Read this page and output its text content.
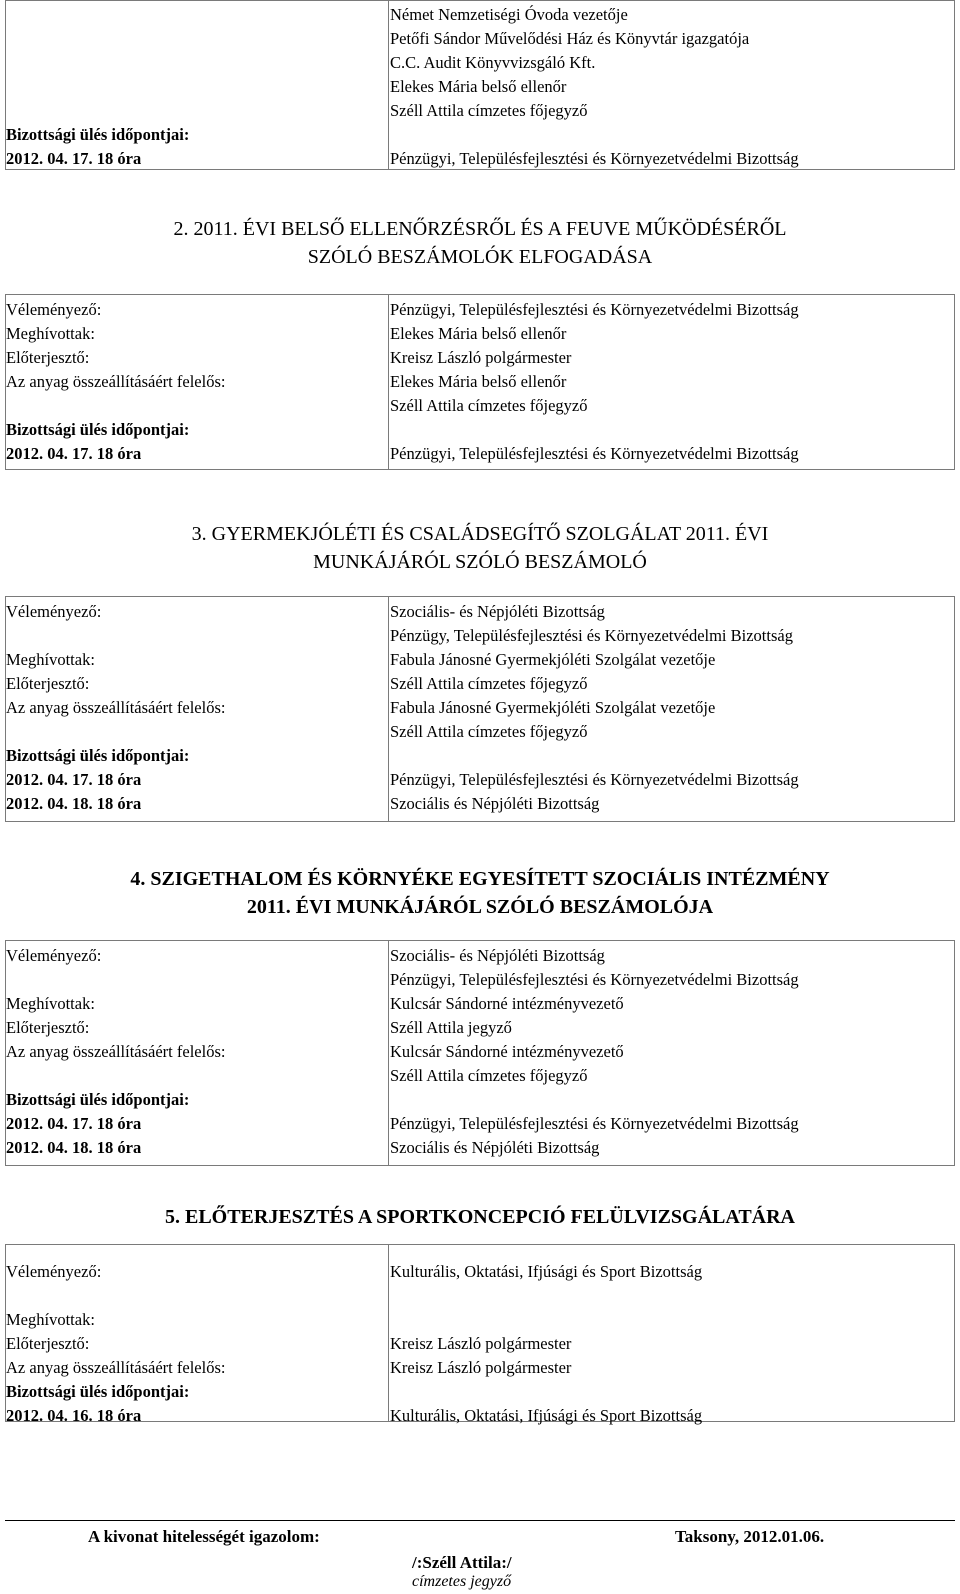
Német Nemzetiségi Óvoda vezetője
Petőfi Sándor Művelődési Ház és Könyvtár igazgatója
C.C. Audit Könyvvizsgáló Kft.
Elekes Mária belső ellenőr
Széll Attila címzetes főjegyző
Bizottsági ülés időpontjai:
2012. 04. 17. 18 óra	Pénzügyi, Településfejlesztési és Környezetvédelmi Bizottság
2. 2011. ÉVI BELSŐ ELLENŐRZÉSRŐL ÉS A FEUVE MŰKÖDÉSÉRŐL
SZÓLÓ BESZÁMOLÓK ELFOGADÁSA
Véleményező:
Meghívottak:
Előterjesztő:
Az anyag összeállításáért felelős:
Bizottsági ülés időpontjai:
2012. 04. 17. 18 óra
Pénzügyi, Településfejlesztési és Környezetvédelmi Bizottság
Elekes Mária belső ellenőr
Kreisz László polgármester
Elekes Mária belső ellenőr
Széll Attila címzetes főjegyző
Pénzügyi, Településfejlesztési és Környezetvédelmi Bizottság
3. GYERMEKJÓLÉTI ÉS CSALÁDSEGÍTŐ SZOLGÁLAT 2011. ÉVI
MUNKÁJÁRÓL SZÓLÓ BESZÁMOLÓ
Véleményező:
Meghívottak:
Előterjesztő:
Az anyag összeállításáért felelős:
Bizottsági ülés időpontjai:
2012. 04. 17. 18 óra
2012. 04. 18. 18 óra
Szociális- és Népjóléti Bizottság
Pénzügy, Településfejlesztési és Környezetvédelmi Bizottság
Fabula Jánosné Gyermekjóléti Szolgálat vezetője
Széll Attila címzetes főjegyző
Fabula Jánosné Gyermekjóléti Szolgálat vezetője
Széll Attila címzetes főjegyző
Pénzügyi, Településfejlesztési és Környezetvédelmi Bizottság
Szociális és Népjóléti Bizottság
4. SZIGETHALOM ÉS KÖRNYÉKE EGYESÍTETT SZOCIÁLIS INTÉZMÉNY
2011. ÉVI MUNKÁJÁRÓL SZÓLÓ BESZÁMOLÓJA
Véleményező:
Meghívottak:
Előterjesztő:
Az anyag összeállításáért felelős:
Bizottsági ülés időpontjai:
2012. 04. 17. 18 óra
2012. 04. 18. 18 óra
Szociális- és Népjóléti Bizottság
Pénzügyi, Településfejlesztési és Környezetvédelmi Bizottság
Kulcsár Sándorné intézményvezető
Széll Attila jegyző
Kulcsár Sándorné intézményvezető
Széll Attila címzetes főjegyző
Pénzügyi, Településfejlesztési és Környezetvédelmi Bizottság
Szociális és Népjóléti Bizottság
5. ELŐTERJESZTÉS A SPORTKONCEPCIÓ FELÜLVIZSGÁLATÁRA
Véleményező:
Meghívottak:
Előterjesztő:
Az anyag összeállításáért felelős:
Bizottsági ülés időpontjai:
2012. 04. 16. 18 óra
Kulturális, Oktatási, Ifjúsági és Sport Bizottság
Kreisz László polgármester
Kreisz László polgármester
Kulturális, Oktatási, Ifjúsági és Sport Bizottság
A kivonat hitelességét igazolom:	Taksony, 2012.01.06.
/:Széll Attila:/
címzetes jegyző
